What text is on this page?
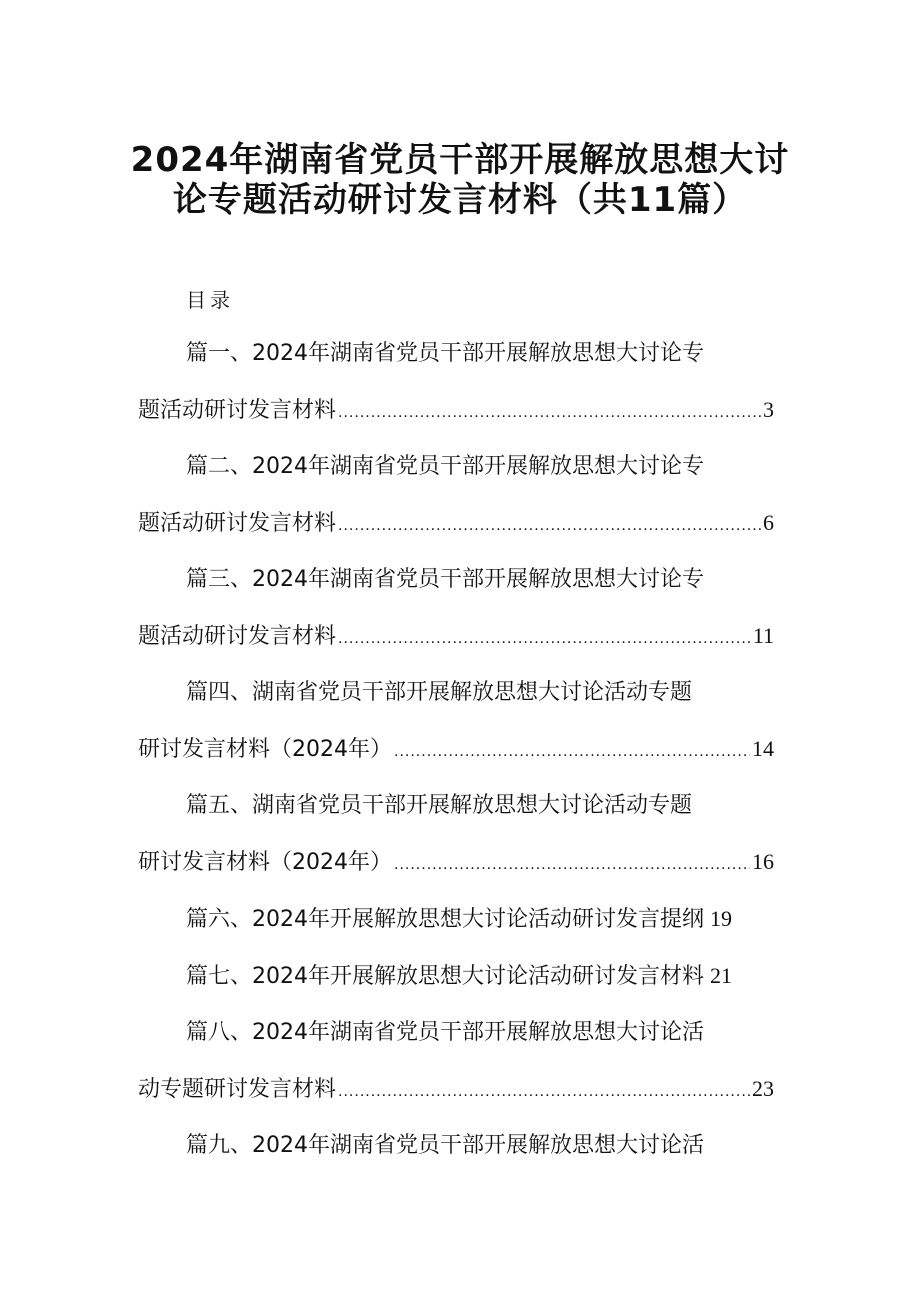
2024年湖南省党员干部开展解放思想大讨
论专题活动研讨发言材料（共11篇）
目录
篇一、2024年湖南省党员干部开展解放思想大讨论专
题活动研讨发言材料 .....	3
篇二、2024年湖南省党员干部开展解放思想大讨论专
题活动研讨发言材料 .....	6
篇三、2024年湖南省党员干部开展解放思想大讨论专
题活动研讨发言材料 .....	11
篇四、湖南省党员干部开展解放思想大讨论活动专题
研讨发言材料（2024年） .....	14
篇五、湖南省党员干部开展解放思想大讨论活动专题
研讨发言材料（2024年） .....	16
篇六、2024年开展解放思想大讨论活动研讨发言提纲 19
篇七、2024年开展解放思想大讨论活动研讨发言材料 21
篇八、2024年湖南省党员干部开展解放思想大讨论活
动专题研讨发言材料 .....	23
篇九、2024年湖南省党员干部开展解放思想大讨论活
